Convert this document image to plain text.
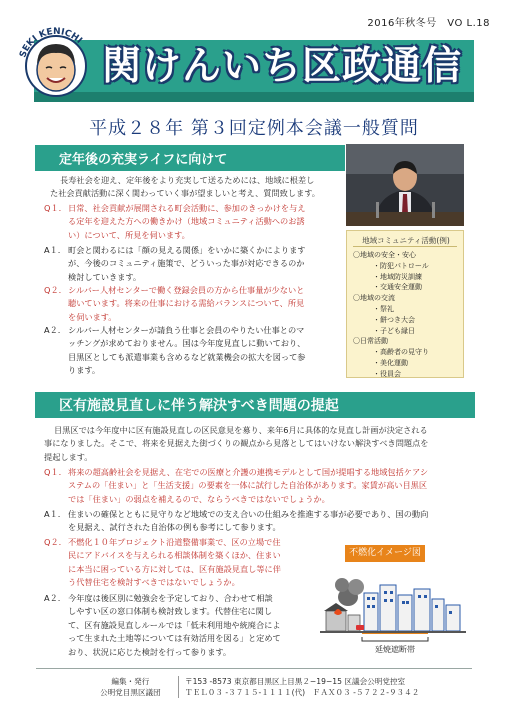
2016年秋冬号　VO L.18
関けんいち区政通信
SEKI KENICHI
平成２８年 第３回定例本会議一般質問
定年後の充実ライフに向けて
地域コミュニティ活動(例)
〇地域の安全・安心
・防犯パトロール
・地域防災訓練
・交通安全運動
〇地域の交流
・祭礼
・餅つき大会
・子ども縁日
〇日常活動
・高齢者の見守り
・美化運動
・役員会
長寿社会を迎え、定年後をより充実して送るためには、地域に根差し
た社会貢献活動に深く関わっていく事が望ましいと考え、質問致します。
Q１. 日常、社会貢献が展開される町会活動に、参加のきっかけを与え
る定年を迎えた方への働きかけ（地域コミュニティ活動へのお誘
い）について、所見を伺います。
A１. 町会と関わるには「顔の見える関係」をいかに築くかによります
が、今後のコミュニティ施策で、どういった事が対応できるのか
検討していきます。
Q２. シルバー人材センターで働く登録会員の方から仕事量が少ないと
聴いています。将来の仕事における需給バランスについて、所見
を伺います。
A２. シルバー人材センターが請負う仕事と会員のやりたい仕事とのマ
ッチングが求めておりません。国は今年度見直しに動いており、
目黒区としても派遣事業も含めるなど就業機会の拡大を図って参
ります。
区有施設見直しに伴う解決すべき問題の提起
目黒区では今年度中に区有施設見直しの区民意見を募り、来年6月に具体的な見直し計画が決定される
事になりました。そこで、将来を見据えた街づくりの観点から見落としてはいけない解決すべき問題点を
提起します。
Q１. 将来の超高齢社会を見据え、在宅での医療と介護の連携モデルとして国が提唱する地域包括ケアシ
ステムの「住まい」と「生活支援」の要素を一体に試行した自治体があります。家賃が高い目黒区
では「住まい」の弱点を補えるので、ならうべきではないでしょうか。
A１. 住まいの確保とともに見守りなど地域での支え合いの仕組みを推進する事が必要であり、国の動向
を見据え、試行された自治体の例も参考にして参ります。
Q２. 不燃化１０年プロジェクト沿道整備事業で、区の立場で住
民にアドバイスを与えられる相談体制を築くほか、住まい
に本当に困っている方に対しては、区有施設見直し等に伴
う代替住宅を検討すべきではないでしょうか。
A２. 今年度は後区別に勉強会を予定しており、合わせて相談
しやすい区の窓口体制も検討致します。代替住宅に関し
て、区有施設見直しルールでは「低未利用地や統廃合によ
って生まれた土地等については有効活用を図る」と定めて
おり、状況に応じた検討を行って参ります。
不燃化イメージ図
延焼遮断帯
編集・発行
公明党目黒区議団
〒153 -8573 東京都目黒区上目黒２−19−15 区議会公明党控室
ＴＥＬ０３ -３７１５-１１１１(代)　ＦＡＸ０３ -５７２２-９３４２
